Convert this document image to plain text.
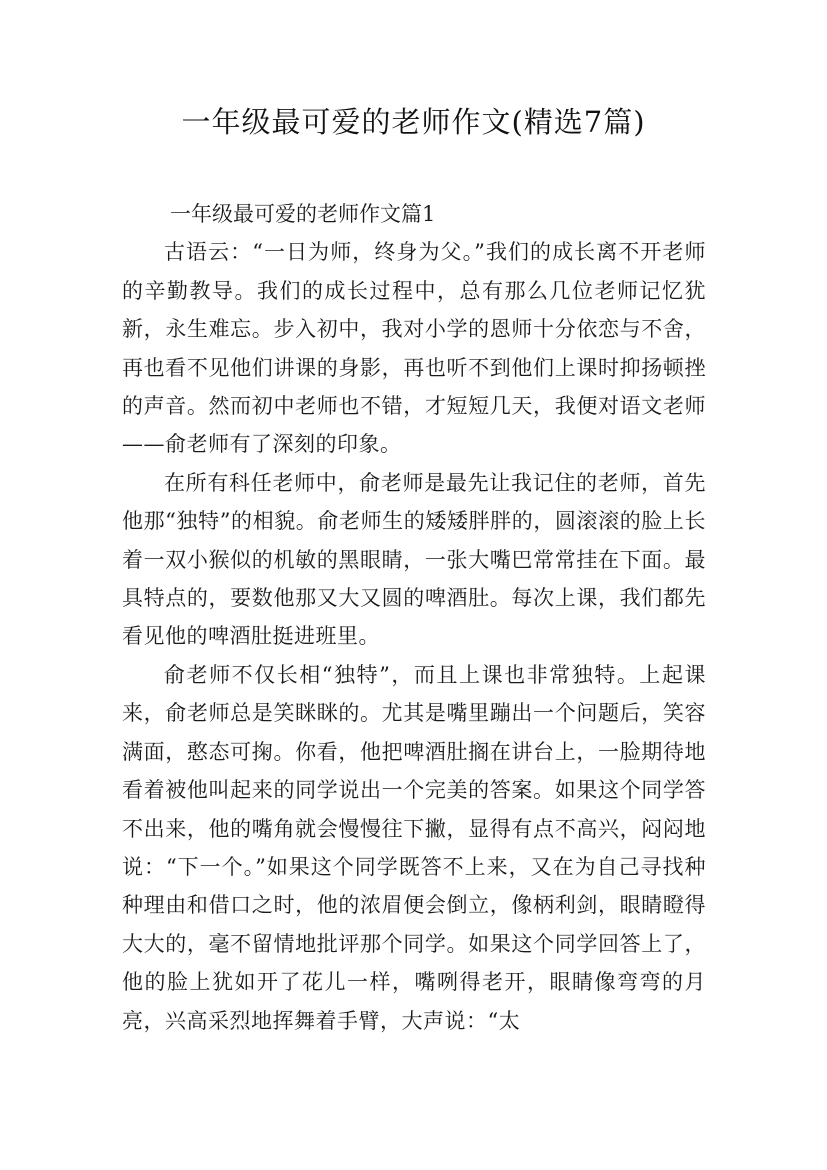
一年级最可爱的老师作文(精选7篇)
一年级最可爱的老师作文篇1

古语云：“一日为师，终身为父。”我们的成长离不开老师的辛勤教导。我们的成长过程中，总有那么几位老师记忆犹新，永生难忘。步入初中，我对小学的恩师十分依恋与不舍，再也看不见他们讲课的身影，再也听不到他们上课时抑扬顿挫的声音。然而初中老师也不错，才短短几天，我便对语文老师——俞老师有了深刻的印象。

在所有科任老师中，俞老师是最先让我记住的老师，首先他那“独特”的相貌。俞老师生的矮矮胖胖的，圆滚滚的脸上长着一双小猴似的机敏的黑眼睛，一张大嘴巴常常挂在下面。最具特点的，要数他那又大又圆的啤酒肚。每次上课，我们都先看见他的啤酒肚挺进班里。

俞老师不仅长相“独特”，而且上课也非常独特。上起课来，俞老师总是笑眯眯的。尤其是嘴里蹦出一个问题后，笑容满面，憨态可掬。你看，他把啤酒肚搁在讲台上，一脸期待地看着被他叫起来的同学说出一个完美的答案。如果这个同学答不出来，他的嘴角就会慢慢往下撇，显得有点不高兴，闷闷地说：“下一个。”如果这个同学既答不上来，又在为自己寻找种种理由和借口之时，他的浓眉便会倒立，像柄利剑，眼睛瞪得大大的，毫不留情地批评那个同学。如果这个同学回答上了，他的脸上犹如开了花儿一样，嘴咧得老开，眼睛像弯弯的月亮，兴高采烈地挥舞着手臂，大声说：“太
